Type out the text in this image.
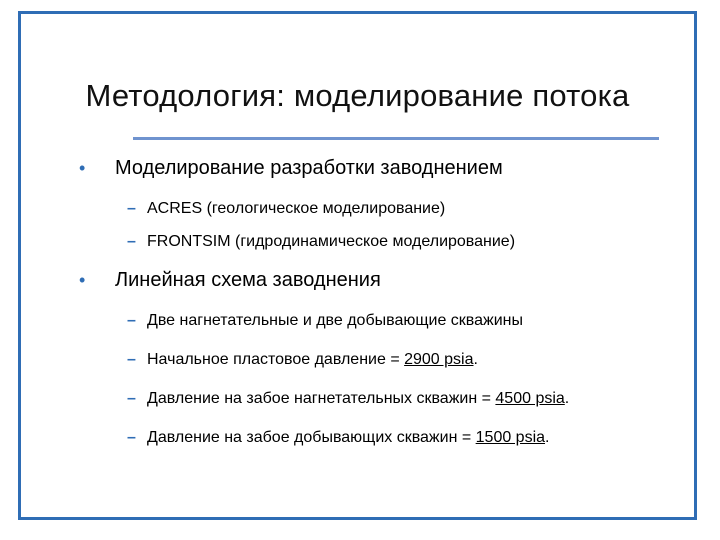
Методология: моделирование потока
• Моделирование разработки заводнением
– ACRES (геологическое моделирование)
– FRONTSIM (гидродинамическое моделирование)
• Линейная схема заводнения
– Две нагнетательные и две добывающие скважины
– Начальное пластовое давление = 2900 psia.
– Давление на забое нагнетательных скважин = 4500 psia.
– Давление на забое добывающих скважин = 1500 psia.
